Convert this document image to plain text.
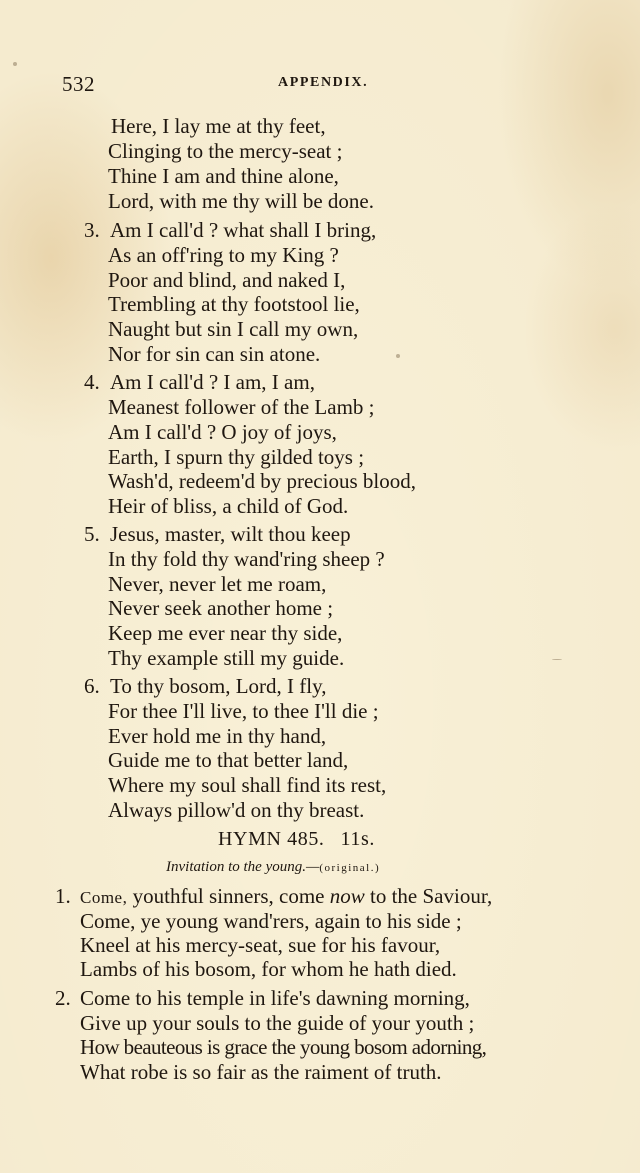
532	APPENDIX.
Here, I lay me at thy feet,
Clinging to the mercy-seat ;
Thine I am and thine alone,
Lord, with me thy will be done.
3. Am I call'd ? what shall I bring,
As an off'ring to my King ?
Poor and blind, and naked I,
Trembling at thy footstool lie,
Naught but sin I call my own,
Nor for sin can sin atone.
4. Am I call'd ? I am, I am,
Meanest follower of the Lamb ;
Am I call'd ? O joy of joys,
Earth, I spurn thy gilded toys ;
Wash'd, redeem'd by precious blood,
Heir of bliss, a child of God.
5. Jesus, master, wilt thou keep
In thy fold thy wand'ring sheep ?
Never, never let me roam,
Never seek another home ;
Keep me ever near thy side,
Thy example still my guide.
6. To thy bosom, Lord, I fly,
For thee I'll live, to thee I'll die ;
Ever hold me in thy hand,
Guide me to that better land,
Where my soul shall find its rest,
Always pillow'd on thy breast.
HYMN 485. 11s.
Invitation to the young.—(original.)
1. Come, youthful sinners, come now to the Saviour,
Come, ye young wand'rers, again to his side ;
Kneel at his mercy-seat, sue for his favour,
Lambs of his bosom, for whom he hath died.
2. Come to his temple in life's dawning morning,
Give up your souls to the guide of your youth ;
How beauteous is grace the young bosom adorning,
What robe is so fair as the raiment of truth.
